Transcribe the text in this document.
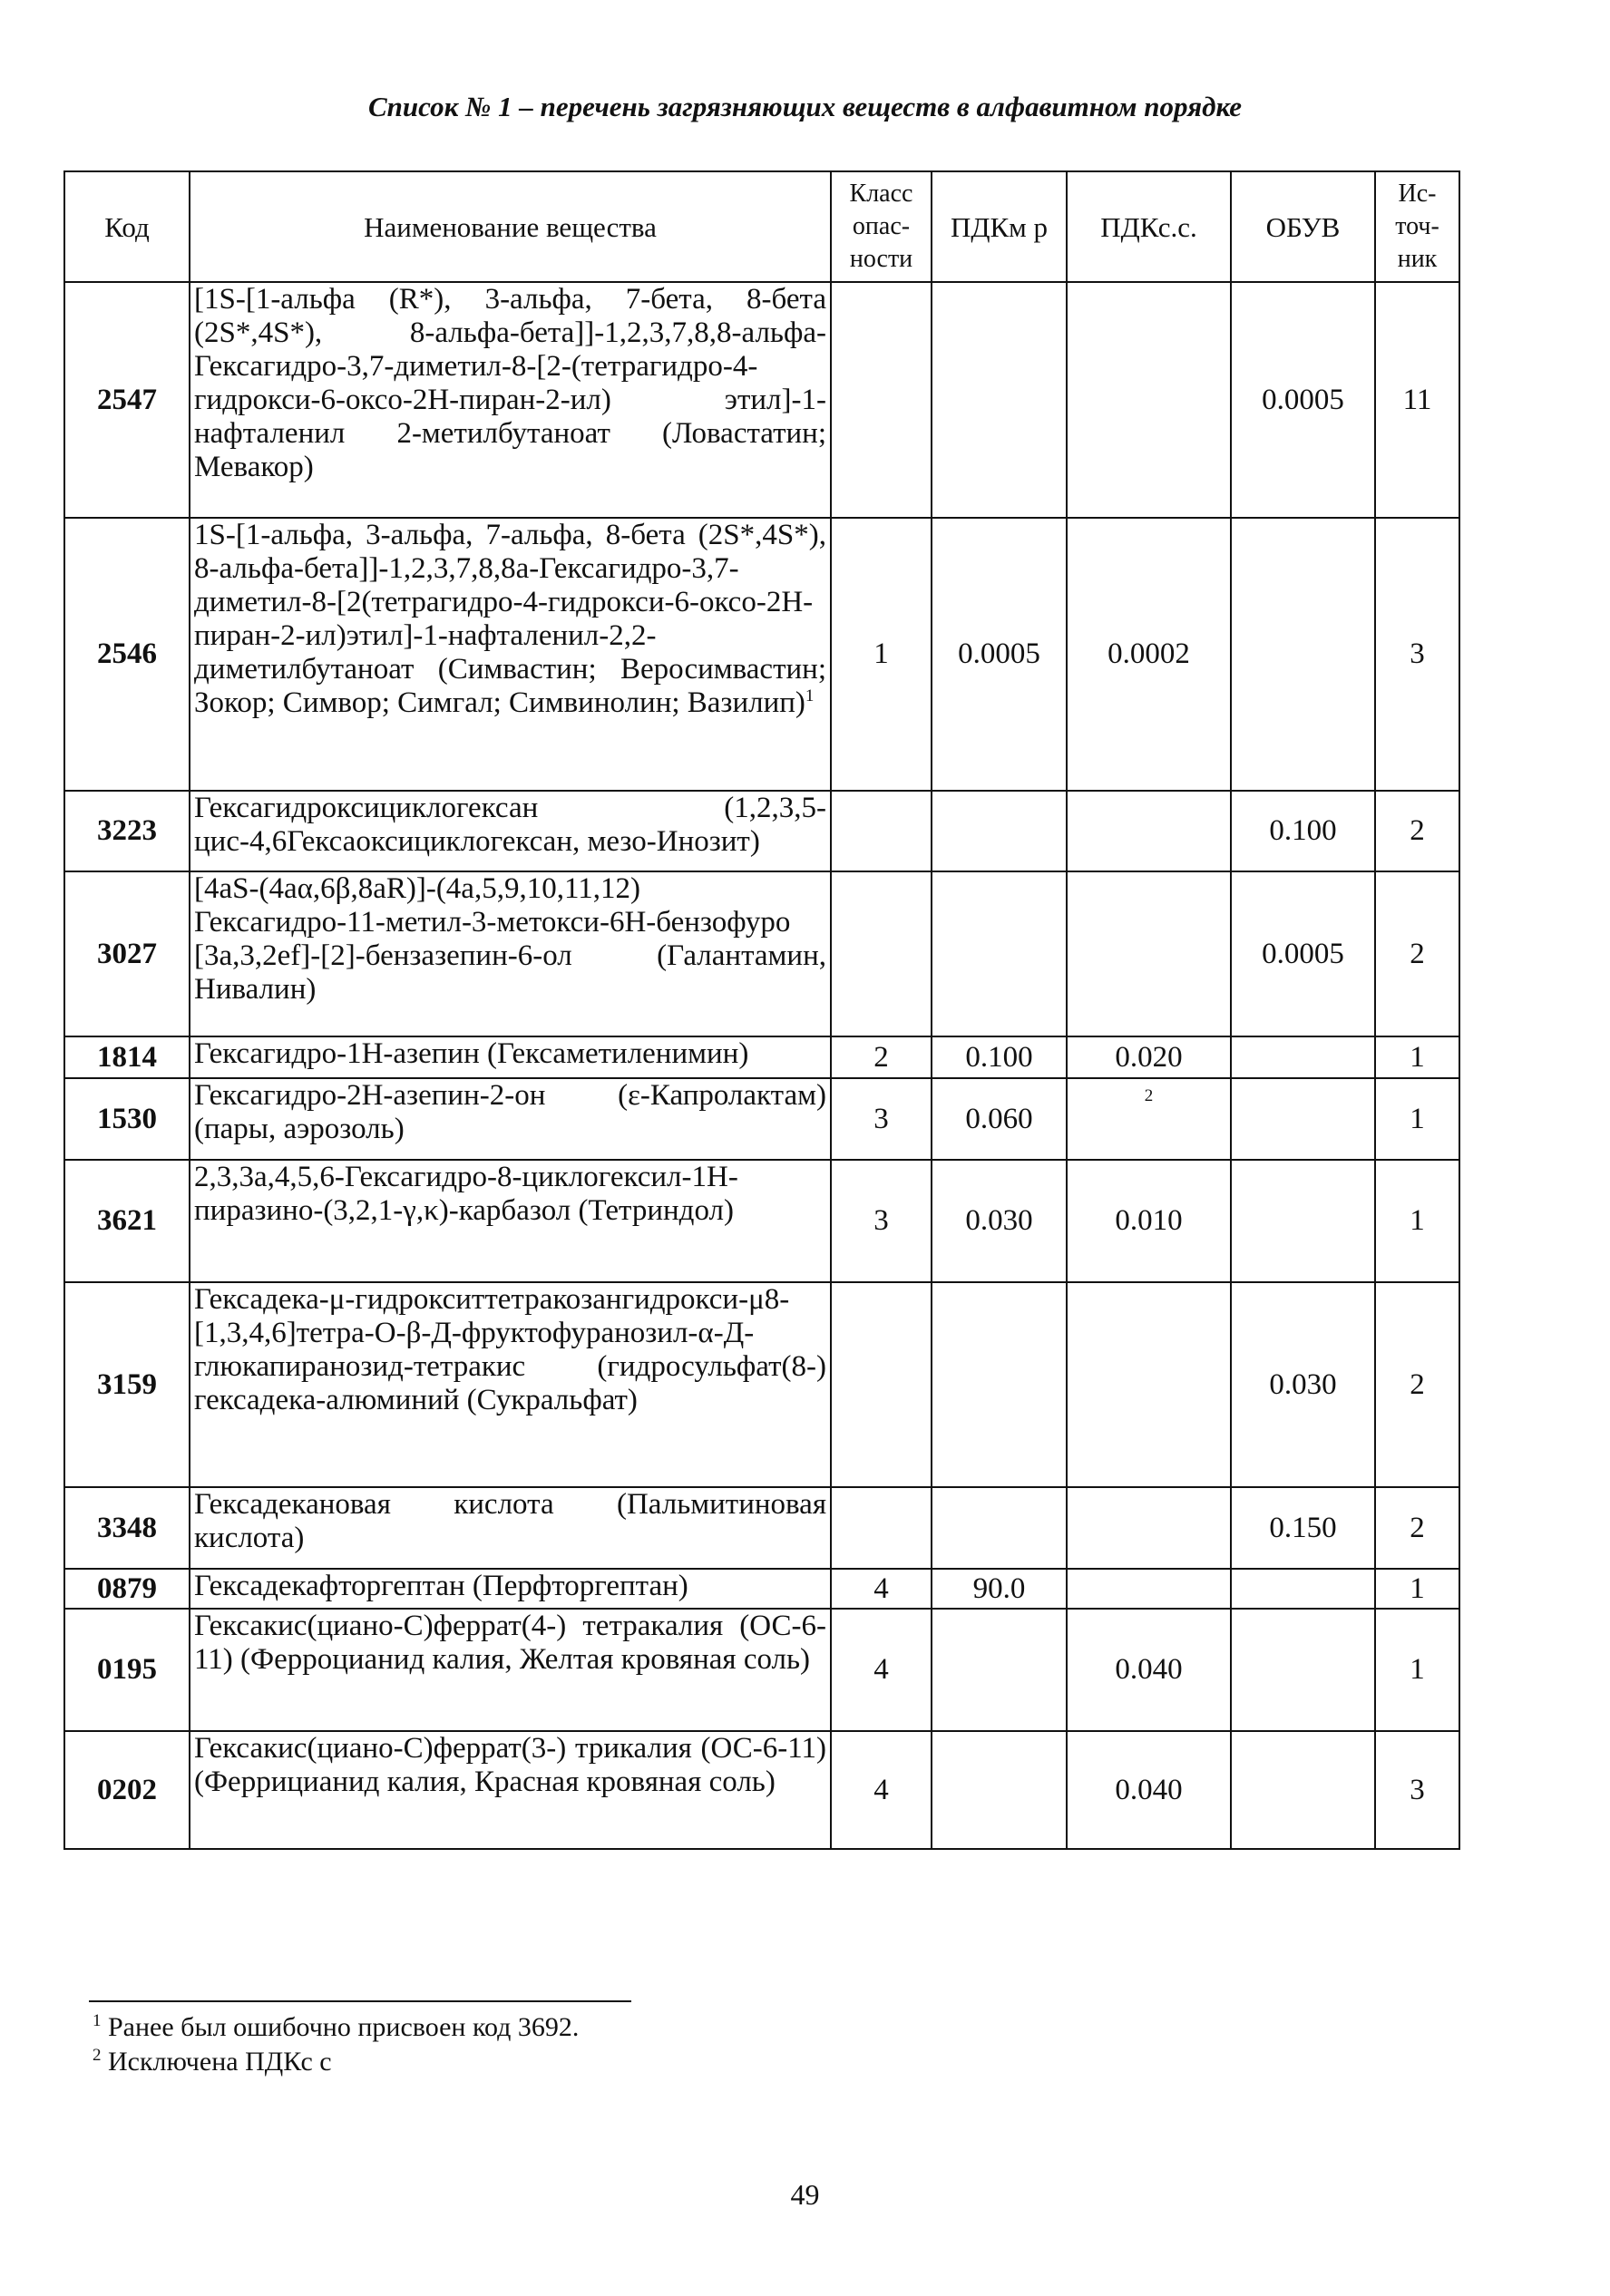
Список № 1 – перечень загрязняющих веществ в алфавитном порядке
Код	Наименование вещества	Класс опас-ности	ПДКм р	ПДКс.с.	ОБУВ	Ис-точ-ник
2547	[1S-[1-альфа (R*), 3-альфа, 7-бета, 8-бета (2S*,4S*), 8-альфа-бета]]-1,2,3,7,8,8-альфа-Гексагидро-3,7-диметил-8-[2-(тетрагидро-4-гидрокси-6-оксо-2Н-пиран-2-ил) этил]-1-нафталенил 2-метилбутаноат (Ловастатин; Мевакор)				0.0005	11
2546	1S-[1-альфа, 3-альфа, 7-альфа, 8-бета (2S*,4S*), 8-альфа-бета]]-1,2,3,7,8,8а-Гексагидро-3,7-диметил-8-[2(тетрагидро-4-гидрокси-6-оксо-2Н-пиран-2-ил)этил]-1-нафталенил-2,2-диметилбутаноат (Симвастин; Веросимвастин; Зокор; Симвор; Симгал; Симвинолин; Вазилип)$^1$	1	0.0005	0.0002		3
3223	Гексагидроксициклогексан (1,2,3,5-цис-4,6Гексаоксициклогексан, мезо-Инозит)				0.100	2
3027	[4aS-(4aα,6β,8aR)]-(4a,5,9,10,11,12) Гексагидро-11-метил-3-метокси-6Н-бензофуро [3a,3,2ef]-[2]-бензазепин-6-ол (Галантамин, Нивалин)				0.0005	2
1814	Гексагидро-1Н-азепин (Гексаметиленимин)	2	0.100	0.020		1
1530	Гексагидро-2Н-азепин-2-он (ε-Капролактам) (пары, аэрозоль)	3	0.060	$^2$		1
3621	2,3,3a,4,5,6-Гексагидро-8-циклогексил-1Н-пиразино-(3,2,1-γ,κ)-карбазол (Тетриндол)	3	0.030	0.010		1
3159	Гексадека-μ-гидрокситтетракозангидрокси-μ8-[1,3,4,6]тетра-О-β-Д-фруктофуранозил-α-Д-глюкапиранозид-тетракис (гидросульфат(8-) гексадека-алюминий (Сукральфат)				0.030	2
3348	Гексадекановая кислота (Пальмитиновая кислота)				0.150	2
0879	Гексадекафторгептан (Перфторгептан)	4	90.0			1
0195	Гексакис(циано-С)феррат(4-) тетракалия (ОС-6-11) (Ферроцианид калия, Желтая кровяная соль)	4		0.040		1
0202	Гексакис(циано-С)феррат(3-) трикалия (ОС-6-11) (Феррицианид калия, Красная кровяная соль)	4		0.040		3
$^1$ Ранее был ошибочно присвоен код 3692.
$^2$ Исключена ПДКс с
49
